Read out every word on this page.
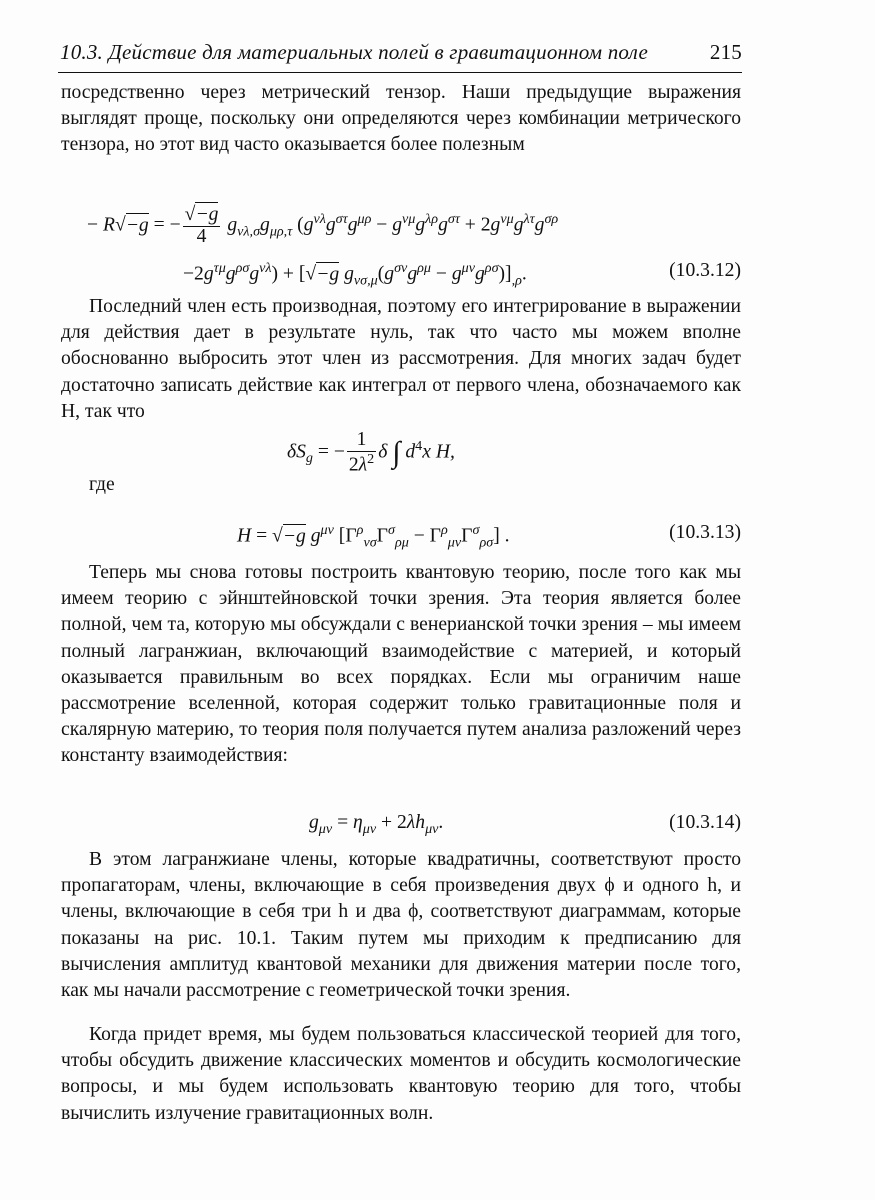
10.3. Действие для материальных полей в гравитационном поле	215

посредственно через метрический тензор. Наши предыдущие выражения выглядят проще, поскольку они определяются через комбинации метрического тензора, но этот вид часто оказывается более полезным

− R√−g = − $\frac{√-g}{4} g_{\nu\lambda,\sigma}g_{\mu\rho,\tau}$ ($g^{\nu\lambda}g^{\sigma\tau}g^{\mu\rho} - g^{\nu\mu}g^{\lambda\rho}g^{\sigma\tau} + 2g^{\nu\mu}g^{\lambda\tau}g^{\sigma\rho}$
$-2g^{\tau\mu}g^{\rho\sigma}g^{\nu\lambda}) + [√-g$ $g_{\nu\sigma,\mu}(g^{\sigma\nu}g^{\rho\mu} - g^{\mu\nu}g^{\rho\sigma})]_{,\rho}$.	(10.3.12)

Последний член есть производная, поэтому его интегрирование в выражении для действия дает в результате нуль, так что часто мы можем вполне обоснованно выбросить этот член из рассмотрения. Для многих задач будет достаточно записать действие как интеграл от первого члена, обозначаемого как H, так что

$\delta S_g$ = − $\frac{1}{2\lambda^2}$ δ ∫ $d^4x$ H,
где
H = √−g $g^{\mu\nu}$ $[\Gamma^\rho_{\nu\sigma}\Gamma^\sigma_{\rho\mu} - \Gamma^\rho_{\mu\nu}\Gamma^\sigma_{\rho\sigma}]$ .	(10.3.13)

Теперь мы снова готовы построить квантовую теорию, после того как мы имеем теорию с эйнштейновской точки зрения. Эта теория является более полной, чем та, которую мы обсуждали с венерианской точки зрения – мы имеем полный лагранжиан, включающий взаимодействие с материей, и который оказывается правильным во всех порядках. Если мы ограничим наше рассмотрение вселенной, которая содержит только гравитационные поля и скалярную материю, то теория поля получается путем анализа разложений через константу взаимодействия:

$g_{\mu\nu} = \eta_{\mu\nu} + 2\lambda h_{\mu\nu}$.	(10.3.14)

В этом лагранжиане члены, которые квадратичны, соответствуют просто пропагаторам, члены, включающие в себя произведения двух ϕ и одного h, и члены, включающие в себя три h и два ϕ, соответствуют диаграммам, которые показаны на рис. 10.1. Таким путем мы приходим к предписанию для вычисления амплитуд квантовой механики для движения материи после того, как мы начали рассмотрение с геометрической точки зрения.

Когда придет время, мы будем пользоваться классической теорией для того, чтобы обсудить движение классических моментов и обсудить космологические вопросы, и мы будем использовать квантовую теорию для того, чтобы вычислить излучение гравитационных волн.
